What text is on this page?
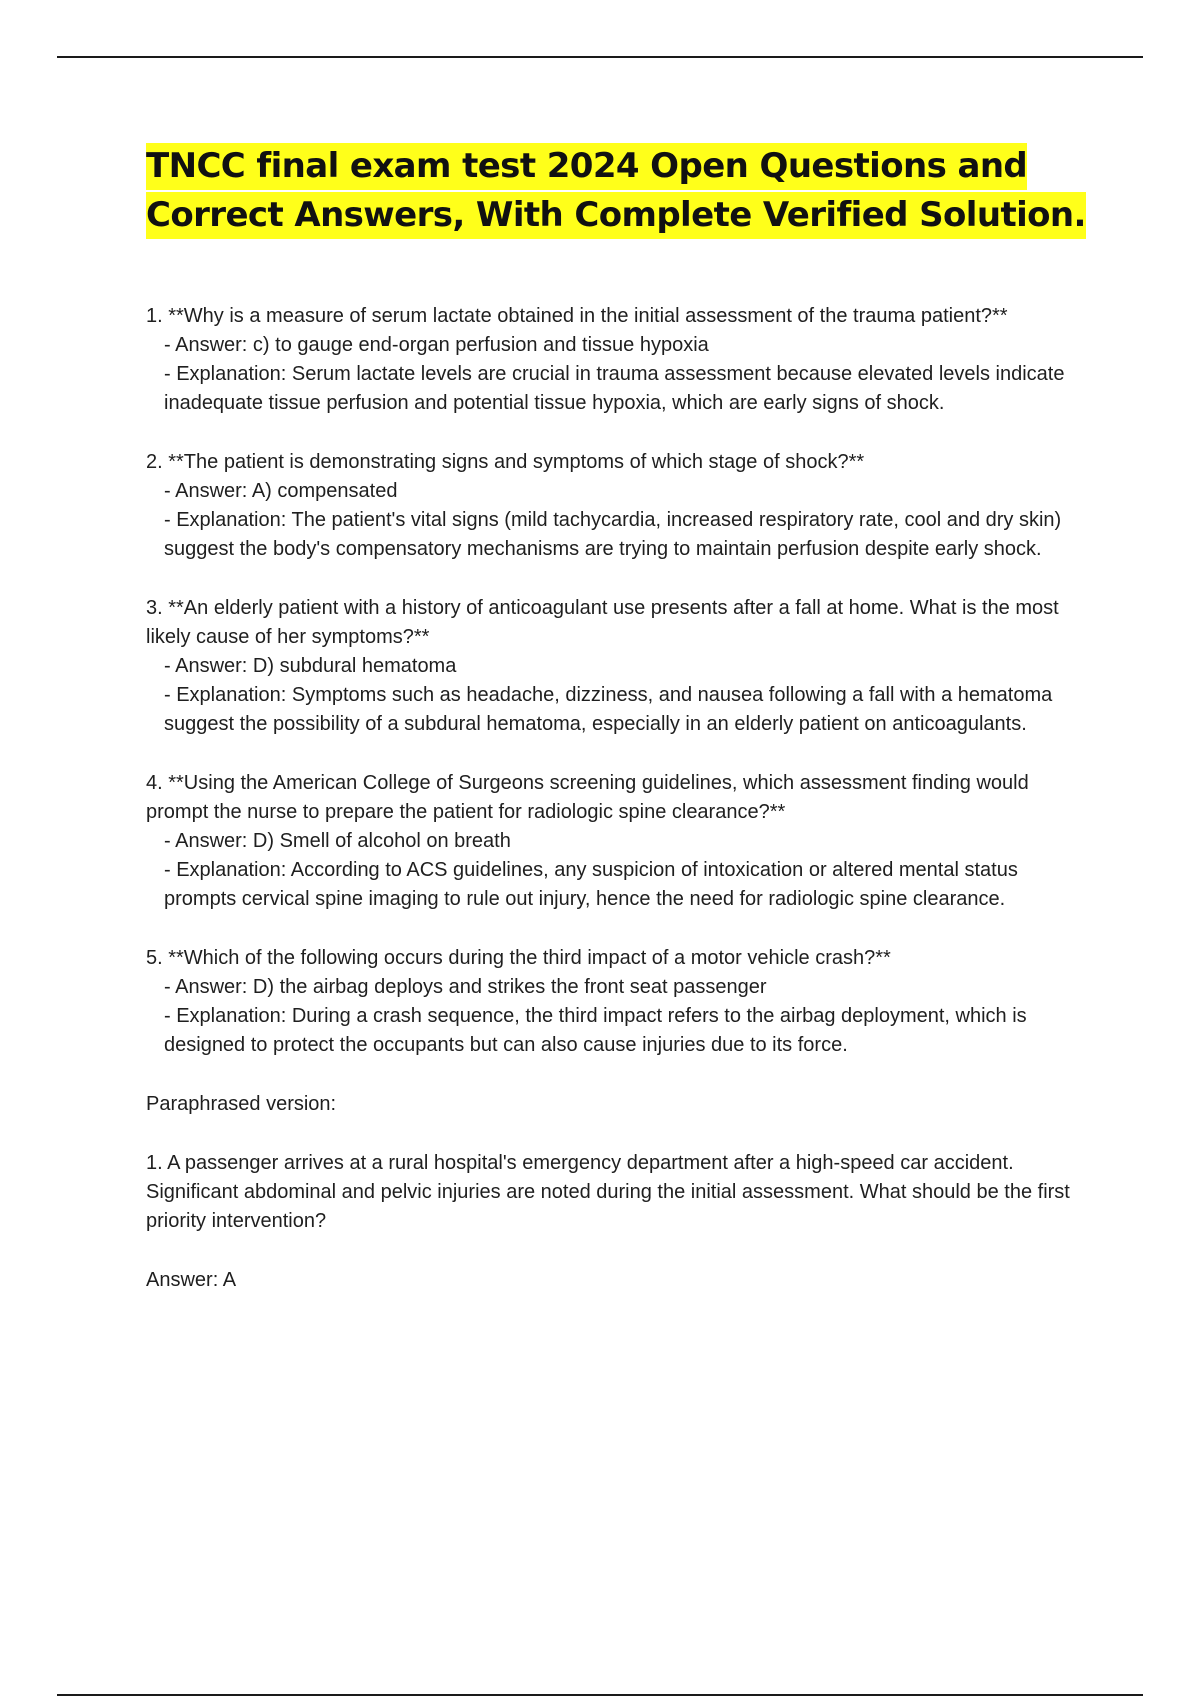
TNCC final exam test 2024 Open Questions and Correct Answers, With Complete Verified Solution.

1. **Why is a measure of serum lactate obtained in the initial assessment of the trauma patient?**

- Answer: c) to gauge end-organ perfusion and tissue hypoxia

- Explanation: Serum lactate levels are crucial in trauma assessment because elevated levels indicate inadequate tissue perfusion and potential tissue hypoxia, which are early signs of shock.

2. **The patient is demonstrating signs and symptoms of which stage of shock?**

- Answer: A) compensated

- Explanation: The patient's vital signs (mild tachycardia, increased respiratory rate, cool and dry skin) suggest the body's compensatory mechanisms are trying to maintain perfusion despite early shock.

3. **An elderly patient with a history of anticoagulant use presents after a fall at home. What is the most likely cause of her symptoms?**

- Answer: D) subdural hematoma

- Explanation: Symptoms such as headache, dizziness, and nausea following a fall with a hematoma suggest the possibility of a subdural hematoma, especially in an elderly patient on anticoagulants.

4. **Using the American College of Surgeons screening guidelines, which assessment finding would prompt the nurse to prepare the patient for radiologic spine clearance?**

- Answer: D) Smell of alcohol on breath

- Explanation: According to ACS guidelines, any suspicion of intoxication or altered mental status prompts cervical spine imaging to rule out injury, hence the need for radiologic spine clearance.

5. **Which of the following occurs during the third impact of a motor vehicle crash?**

- Answer: D) the airbag deploys and strikes the front seat passenger

- Explanation: During a crash sequence, the third impact refers to the airbag deployment, which is designed to protect the occupants but can also cause injuries due to its force.

Paraphrased version:

1. A passenger arrives at a rural hospital's emergency department after a high-speed car accident. Significant abdominal and pelvic injuries are noted during the initial assessment. What should be the first priority intervention?

Answer: A
